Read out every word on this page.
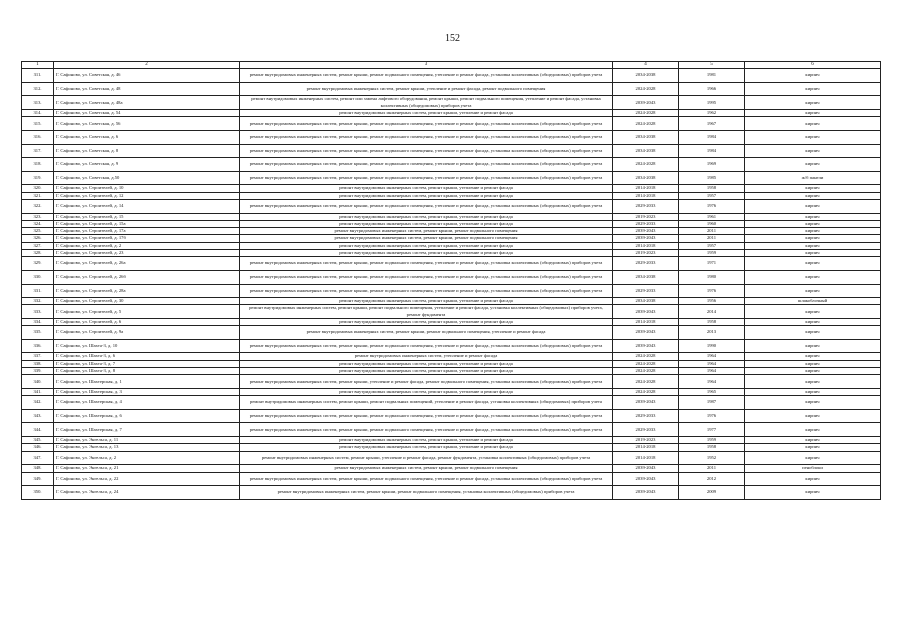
152
1	2	3	4	5	6
311.	Г. Сафоново, ул. Советская, д. 46	ремонт внутридомовых инженерных систем, ремонт крыши, ремонт подвального помещения, утепление и ремонт фасада, установка коллективных (общедомовых) приборов учета	2034-2038	1981	кирпич
312.	Г. Сафоново, ул. Советская, д. 48	ремонт внутридомовых инженерных систем, ремонт крыши, утепление и ремонт фасада, ремонт подвального помещения	2024-2028	1966	кирпич
313.	Г. Сафоново, ул. Советская, д. 48а	ремонт внутридомовых инженерных систем, ремонт или замена лифтового оборудования, ремонт крыши, ремонт подвального помещения, утепление и ремонт фасада, установка коллективных (общедомовых) приборов учета	2039-2043	1995	кирпич
314.	Г. Сафоново, ул. Советская, д. 54	ремонт внутридомовых инженерных систем, ремонт крыши, утепление и ремонт фасада	2024-2028	1962	кирпич
315.	Г. Сафоново, ул. Советская, д. 56	ремонт внутридомовых инженерных систем, ремонт крыши, ремонт подвального помещения, утепление и ремонт фасада, установка коллективных (общедомовых) приборов учета	2024-2028	1967	кирпич
316.	Г. Сафоново, ул. Советская, д. 6	ремонт внутридомовых инженерных систем, ремонт крыши, ремонт подвального помещения, утепление и ремонт фасада, установка коллективных (общедомовых) приборов учета	2034-2038	1984	кирпич
317.	Г. Сафоново, ул. Советская, д. 8	ремонт внутридомовых инженерных систем, ремонт крыши, ремонт подвального помещения, утепление и ремонт фасада, установка коллективных (общедомовых) приборов учета	2034-2038	1984	кирпич
318.	Г. Сафоново, ул. Советская, д. 9	ремонт внутридомовых инженерных систем, ремонт крыши, ремонт подвального помещения, утепление и ремонт фасада, установка коллективных (общедомовых) приборов учета	2024-2028	1969	кирпич
319.	Г. Сафоново, ул. Советская, д.50	ремонт внутридомовых инженерных систем, ремонт крыши, ремонт подвального помещения, утепление и ремонт фасада, установка коллективных (общедомовых) приборов учета	2034-2038	1985	ж/б панели
320.	Г. Сафоново, ул. Строителей, д. 10	ремонт внутридомовых инженерных систем, ремонт крыши, утепление и ремонт фасада	2014-2018	1958	кирпич
321.	Г. Сафоново, ул. Строителей, д. 12	ремонт внутридомовых инженерных систем, ремонт крыши, утепление и ремонт фасада	2014-2018	1957	кирпич
322.	Г. Сафоново, ул. Строителей, д. 14	ремонт внутридомовых инженерных систем, ремонт крыши, ремонт подвального помещения, утепление и ремонт фасада, установка коллективных (общедомовых) приборов учета	2029-2033	1976	кирпич
323.	Г. Сафоново, ул. Строителей, д. 15	ремонт внутридомовых инженерных систем, ремонт крыши, утепление и ремонт фасада	2019-2023	1961	кирпич
324.	Г. Сафоново, ул. Строителей, д. 15а	ремонт внутридомовых инженерных систем, ремонт крыши, утепление и ремонт фасада	2029-2033	1960	кирпич
325.	Г. Сафоново, ул. Строителей, д. 17а	ремонт внутридомовых инженерных систем, ремонт крыши, ремонт подвального помещения	2039-2043	2011	кирпич
326.	Г. Сафоново, ул. Строителей, д. 17б	ремонт внутридомовых инженерных систем, ремонт крыши, ремонт подвального помещения	2039-2043	2011	кирпич
327.	Г. Сафоново, ул. Строителей, д. 2	ремонт внутридомовых инженерных систем, ремонт крыши, утепление и ремонт фасада	2014-2018	1957	кирпич
328.	Г. Сафоново, ул. Строителей, д. 23	ремонт внутридомовых инженерных систем, ремонт крыши, утепление и ремонт фасада	2019-2023	1959	кирпич
329.	Г. Сафоново, ул. Строителей, д. 26а	ремонт внутридомовых инженерных систем, ремонт крыши, ремонт подвального помещения, утепление и ремонт фасада, установка коллективных (общедомовых) приборов учета	2029-2033	1971	кирпич
330.	Г. Сафоново, ул. Строителей, д. 26б	ремонт внутридомовых инженерных систем, ремонт крыши, ремонт подвального помещения, утепление и ремонт фасада, установка коллективных (общедомовых) приборов учета	2034-2038	1980	кирпич
331.	Г. Сафоново, ул. Строителей, д. 28а	ремонт внутридомовых инженерных систем, ремонт крыши, ремонт подвального помещения, утепление и ремонт фасада, установка коллективных (общедомовых) приборов учета	2029-2033	1976	кирпич
332.	Г. Сафоново, ул. Строителей, д. 30	ремонт внутридомовых инженерных систем, ремонт крыши, утепление и ремонт фасада	2034-2038	1956	шлакоблочный
333.	Г. Сафоново, ул. Строителей, д. 5	ремонт внутридомовых инженерных систем, ремонт крыши, ремонт подвального помещения, утепление и ремонт фасада, установка коллективных (общедомовых) приборов учета, ремонт фундамента	2039-2043	2014	кирпич
334.	Г. Сафоново, ул. Строителей, д. 6	ремонт внутридомовых инженерных систем, ремонт крыши, утепление и ремонт фасада	2014-2018	1958	кирпич
335.	Г. Сафоново, ул. Строителей, д. 9а	ремонт внутридомовых инженерных систем, ремонт крыши, ремонт подвального помещения, утепление и ремонт фасада	2039-2043	2013	кирпич
336.	Г. Сафоново, ул. Шахта-3, д. 10	ремонт внутридомовых инженерных систем, ремонт крыши, ремонт подвального помещения, утепление и ремонт фасада, установка коллективных (общедомовых) приборов учета	2039-2043	1990	кирпич
337.	Г. Сафоново, ул. Шахта-3, д. 6	ремонт внутридомовых инженерных систем, утепление и ремонт фасада	2024-2028	1964	кирпич
338.	Г. Сафоново, ул. Шахта-3, д. 7	ремонт внутридомовых инженерных систем, ремонт крыши, утепление и ремонт фасада	2024-2028	1964	кирпич
339.	Г. Сафоново, ул. Шахта-3, д. 8	ремонт внутридомовых инженерных систем, ремонт крыши, утепление и ремонт фасада	2024-2028	1964	кирпич
340.	Г. Сафоново, ул. Шахтерская, д. 1	ремонт внутридомовых инженерных систем, ремонт крыши, утепление и ремонт фасада, ремонт подвального помещения, установка коллективных (общедомовых) приборов учета	2024-2028	1964	кирпич
341.	Г. Сафоново, ул. Шахтерская, д. 3	ремонт внутридомовых инженерных систем, ремонт крыши, утепление и ремонт фасада	2024-2028	1965	кирпич
342.	Г. Сафоново, ул. Шахтерская, д. 4	ремонт внутридомовых инженерных систем, ремонт крыши, ремонт подвальных помещений, утепление и ремонт фасада, установка коллективных (общедомовых) приборов учета	2039-2043	1987	кирпич
343.	Г. Сафоново, ул. Шахтерская, д. 6	ремонт внутридомовых инженерных систем, ремонт крыши, ремонт подвального помещения, утепление и ремонт фасада, установка коллективных (общедомовых) приборов учета	2029-2033	1976	кирпич
344.	Г. Сафоново, ул. Шахтерская, д. 7	ремонт внутридомовых инженерных систем, ремонт крыши, ремонт подвального помещения, утепление и ремонт фасада, установка коллективных (общедомовых) приборов учета	2029-2033	1977	кирпич
345.	Г. Сафоново, ул. Энгельса, д. 11	ремонт внутридомовых инженерных систем, ремонт крыши, утепление и ремонт фасада	2019-2023	1959	кирпич
346.	Г. Сафоново, ул. Энгельса, д. 13	ремонт внутридомовых инженерных систем, ремонт крыши, утепление и ремонт фасада	2014-2018	1958	кирпич
347.	Г. Сафоново, ул. Энгельса, д. 2	ремонт внутридомовых инженерных систем, ремонт крыши, утепление и ремонт фасада, ремонт фундамента, установка коллективных (общедомовых) приборов учета	2014-2018	1952	кирпич
348.	Г. Сафоново, ул. Энгельса, д. 21	ремонт внутридомовых инженерных систем, ремонт крыши, ремонт подвального помещения	2039-2043	2011	пеноблоки
349.	Г. Сафоново, ул. Энгельса, д. 22	ремонт внутридомовых инженерных систем, ремонт крыши, ремонт подвального помещения, утепление и ремонт фасада, установка коллективных (общедомовых) приборов учета	2039-2043	2012	кирпич
350.	Г. Сафоново, ул. Энгельса, д. 24	ремонт внутридомовых инженерных систем, ремонт крыши, ремонт подвального помещения, установка коллективных (общедомовых) приборов учета	2039-2043	2009	кирпич
